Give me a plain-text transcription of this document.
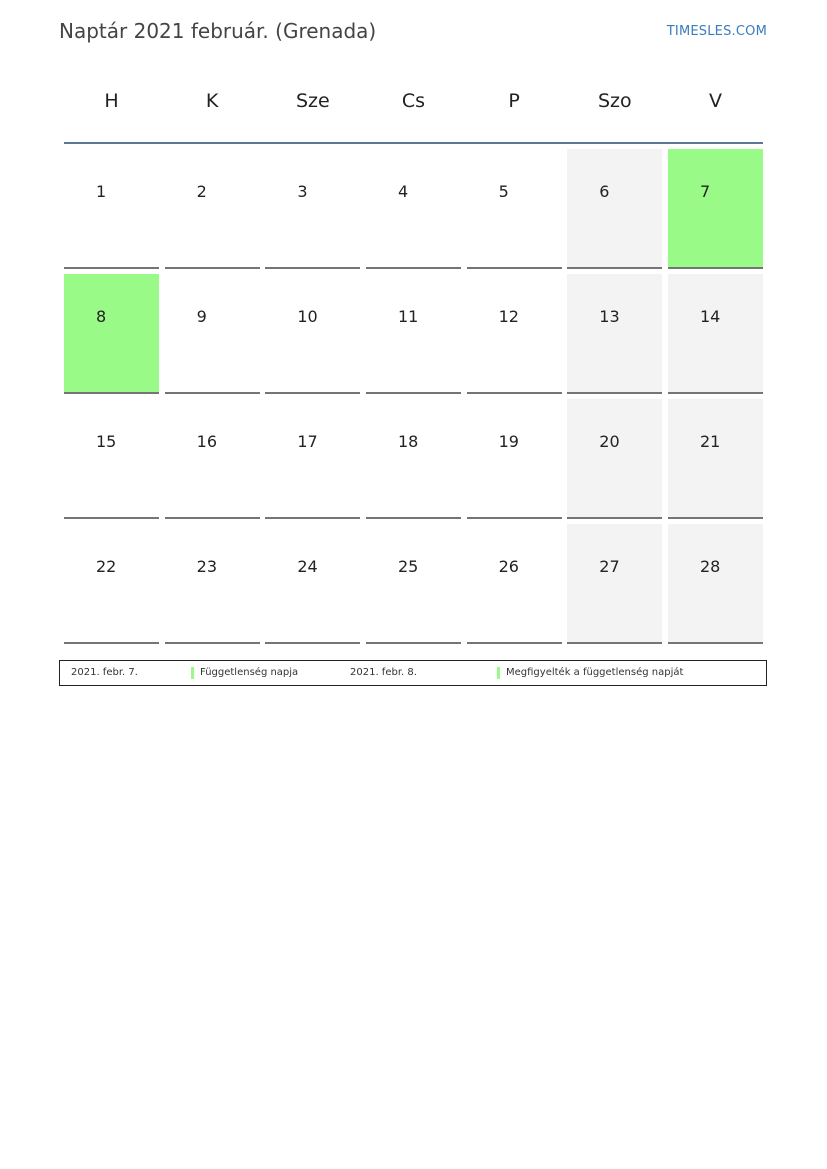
Naptár 2021 február. (Grenada)	TIMESLES.COM
H	K	Sze	Cs	P	Szo	V
1	2	3	4	5	6	7
8	9	10	11	12	13	14
15	16	17	18	19	20	21
22	23	24	25	26	27	28
2021. febr. 7.	Függetlenség napja	2021. febr. 8.	Megfigyelték a függetlenség napját
